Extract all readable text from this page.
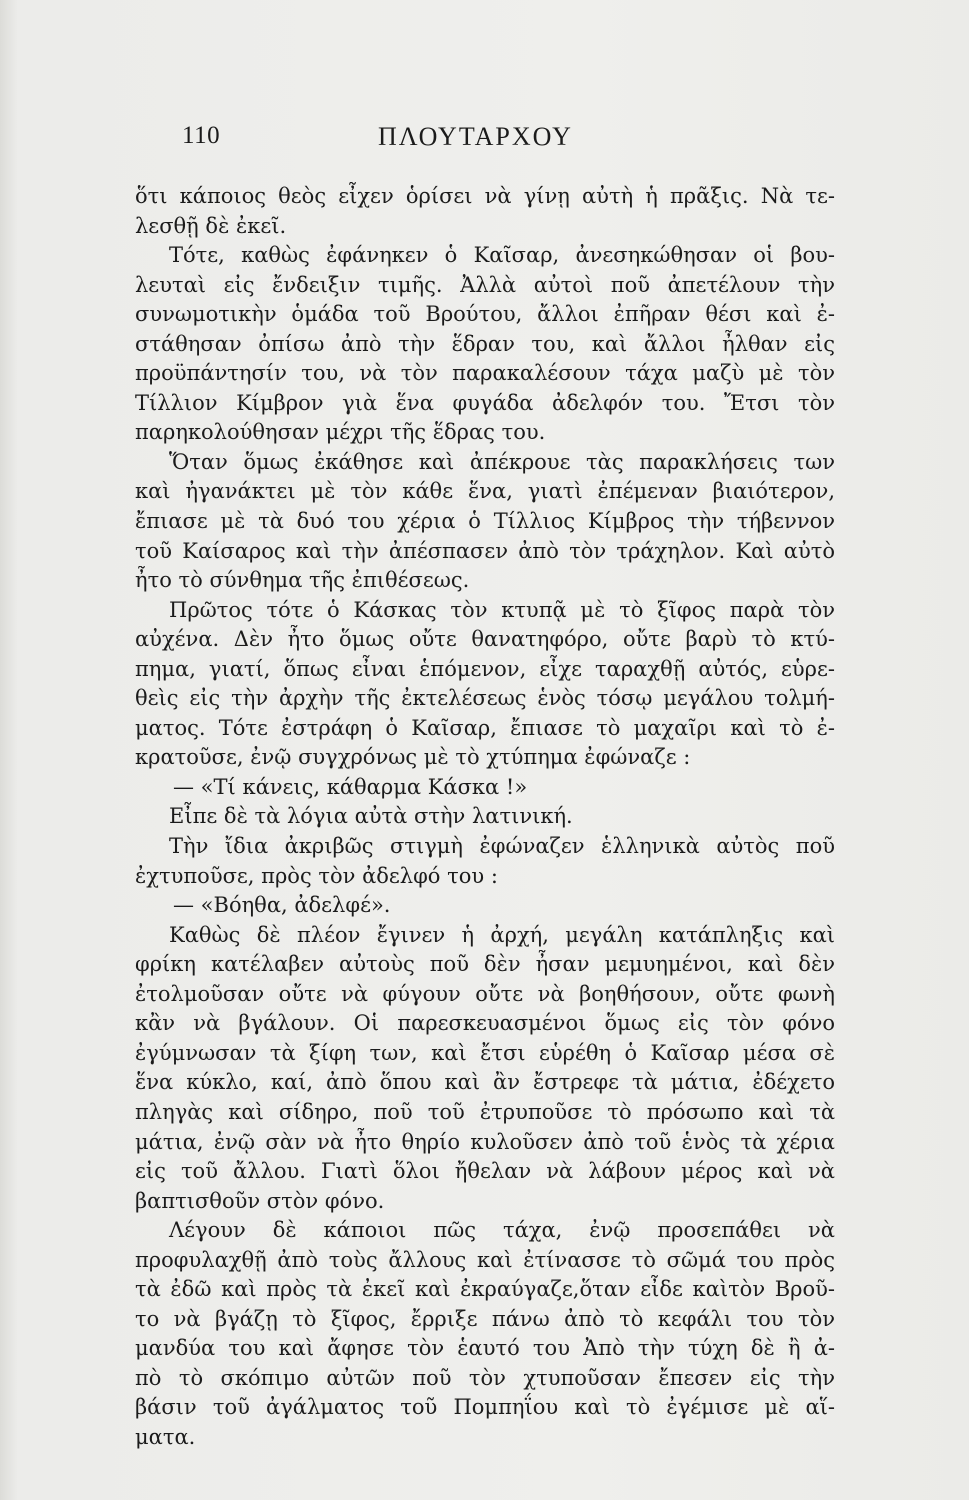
110	ΠΛΟΥΤΑΡΧΟΥ
ὅτι κάποιος θεὸς εἶχεν ὁρίσει νὰ γίνῃ αὐτὴ ἡ πρᾶξις. Νὰ τε-
λεσθῇ δὲ ἐκεῖ.
Τότε, καθὼς ἐφάνηκεν ὁ Καῖσαρ, ἀνεσηκώθησαν οἱ βου-
λευταὶ εἰς ἔνδειξιν τιμῆς. Ἀλλὰ αὐτοὶ ποῦ ἀπετέλουν τὴν
συνωμοτικὴν ὁμάδα τοῦ Βρούτου, ἄλλοι ἐπῆραν θέσι καὶ ἐ-
στάθησαν ὀπίσω ἀπὸ τὴν ἕδραν του, καὶ ἄλλοι ἦλθαν εἰς
προϋπάντησίν του, νὰ τὸν παρακαλέσουν τάχα μαζὺ μὲ τὸν
Τίλλιον Κίμβρον γιὰ ἕνα φυγάδα ἀδελφόν του. Ἔτσι τὸν
παρηκολούθησαν μέχρι τῆς ἕδρας του.
Ὅταν ὅμως ἐκάθησε καὶ ἀπέκρουε τὰς παρακλήσεις των
καὶ ἠγανάκτει μὲ τὸν κάθε ἕνα, γιατὶ ἐπέμεναν βιαιότερον,
ἔπιασε μὲ τὰ δυό του χέρια ὁ Τίλλιος Κίμβρος τὴν τήβεννον
τοῦ Καίσαρος καὶ τὴν ἀπέσπασεν ἀπὸ τὸν τράχηλον. Καὶ αὐτὸ
ἦτο τὸ σύνθημα τῆς ἐπιθέσεως.
Πρῶτος τότε ὁ Κάσκας τὸν κτυπᾷ μὲ τὸ ξῖφος παρὰ τὸν
αὐχένα. Δὲν ἦτο ὅμως οὔτε θανατηφόρο, οὔτε βαρὺ τὸ κτύ-
πημα, γιατί, ὅπως εἶναι ἑπόμενον, εἶχε ταραχθῇ αὐτός, εὑρε-
θεὶς εἰς τὴν ἀρχὴν τῆς ἐκτελέσεως ἑνὸς τόσῳ μεγάλου τολμή-
ματος. Τότε ἐστράφη ὁ Καῖσαρ, ἔπιασε τὸ μαχαῖρι καὶ τὸ ἐ-
κρατοῦσε, ἐνῷ συγχρόνως μὲ τὸ χτύπημα ἐφώναζε :
— «Τί κάνεις, κάθαρμα Κάσκα !»
Εἶπε δὲ τὰ λόγια αὐτὰ στὴν λατινική.
Τὴν ἴδια ἀκριβῶς στιγμὴ ἐφώναζεν ἑλληνικὰ αὐτὸς ποῦ
ἐχτυποῦσε, πρὸς τὸν ἀδελφό του :
— «Βόηθα, ἀδελφέ».
Καθὼς δὲ πλέον ἔγινεν ἡ ἀρχή, μεγάλη κατάπληξις καὶ
φρίκη κατέλαβεν αὐτοὺς ποῦ δὲν ἦσαν μεμυημένοι, καὶ δὲν
ἐτολμοῦσαν οὔτε νὰ φύγουν οὔτε νὰ βοηθήσουν, οὔτε φωνὴ
κἂν νὰ βγάλουν. Οἱ παρεσκευασμένοι ὅμως εἰς τὸν φόνο
ἐγύμνωσαν τὰ ξίφη των, καὶ ἔτσι εὑρέθη ὁ Καῖσαρ μέσα σὲ
ἕνα κύκλο, καί, ἀπὸ ὅπου καὶ ἂν ἔστρεφε τὰ μάτια, ἐδέχετο
πληγὰς καὶ σίδηρο, ποῦ τοῦ ἐτρυποῦσε τὸ πρόσωπο καὶ τὰ
μάτια, ἐνῷ σὰν νὰ ἦτο θηρίο κυλοῦσεν ἀπὸ τοῦ ἑνὸς τὰ χέρια
εἰς τοῦ ἄλλου. Γιατὶ ὅλοι ἤθελαν νὰ λάβουν μέρος καὶ νὰ
βαπτισθοῦν στὸν φόνο.
Λέγουν δὲ κάποιοι πῶς τάχα, ἐνῷ προσεπάθει νὰ
προφυλαχθῇ ἀπὸ τοὺς ἄλλους καὶ ἐτίνασσε τὸ σῶμά του πρὸς
τὰ ἐδῶ καὶ πρὸς τὰ ἐκεῖ καὶ ἐκραύγαζε,ὅταν εἶδε καὶτὸν Βροῦ-
το νὰ βγάζῃ τὸ ξῖφος, ἔρριξε πάνω ἀπὸ τὸ κεφάλι του τὸν
μανδύα του καὶ ἄφησε τὸν ἑαυτό του Ἀπὸ τὴν τύχη δὲ ἢ ἀ-
πὸ τὸ σκόπιμο αὐτῶν ποῦ τὸν χτυποῦσαν ἔπεσεν εἰς τὴν
βάσιν τοῦ ἀγάλματος τοῦ Πομπηΐου καὶ τὸ ἐγέμισε μὲ αἵ-
ματα.
